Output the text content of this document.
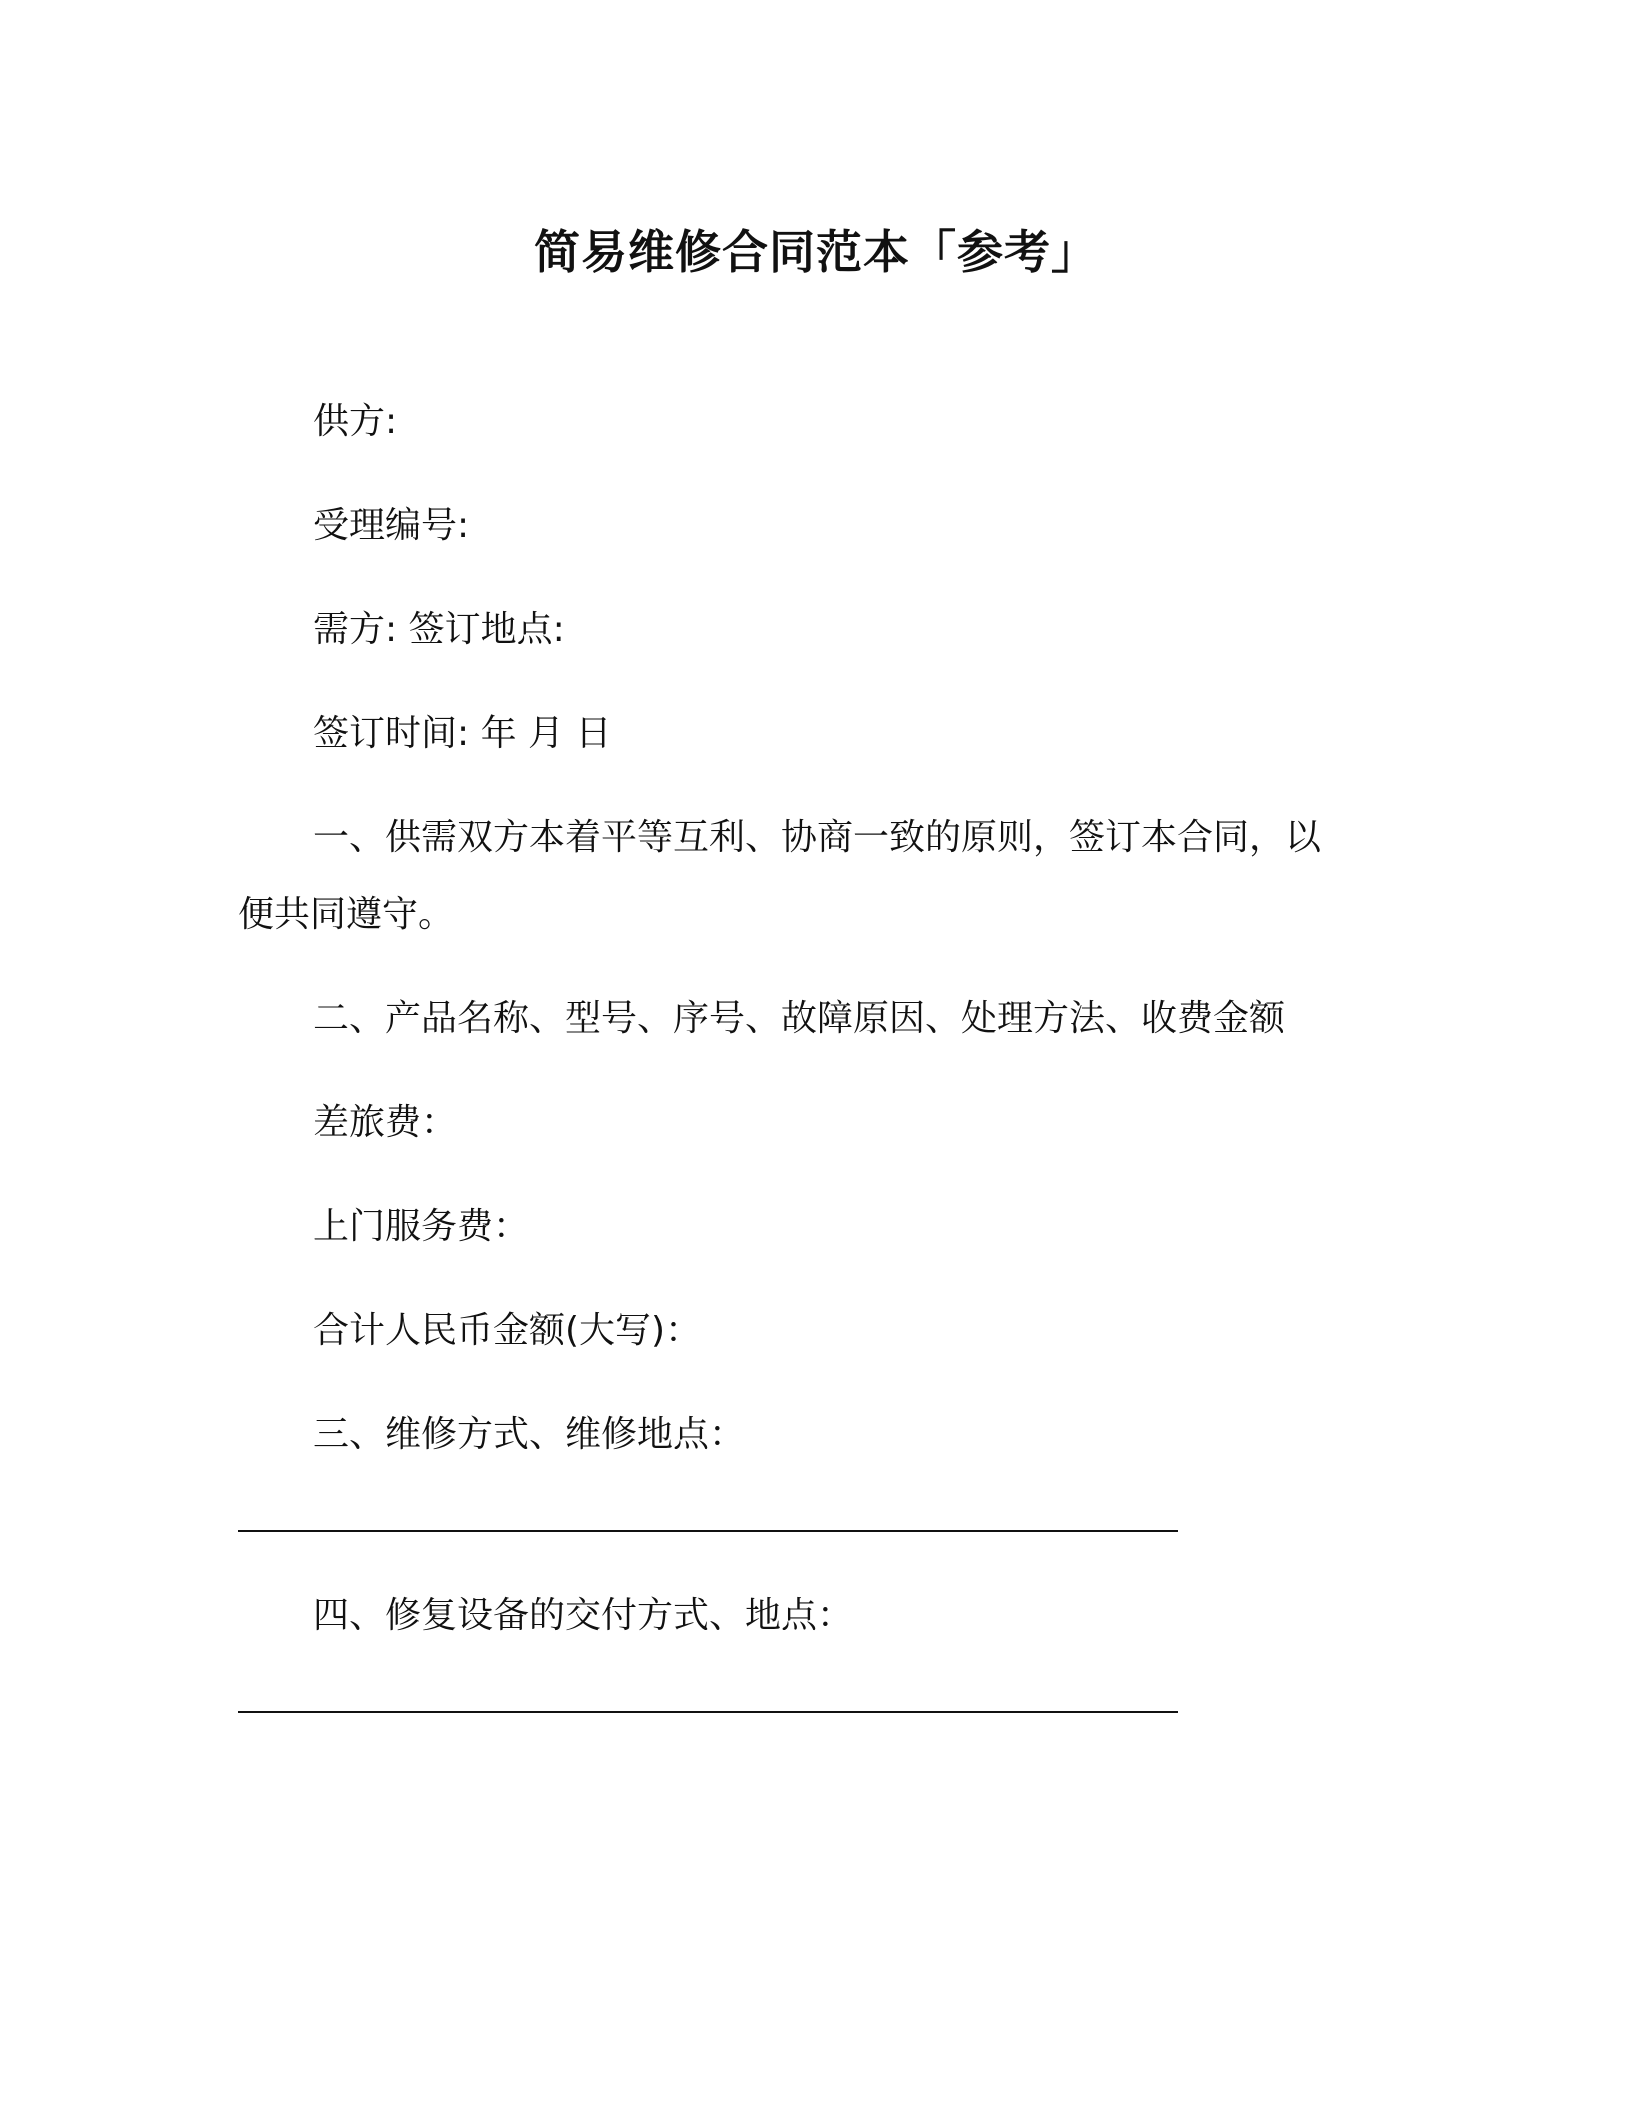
简易维修合同范本「参考」
供方:
受理编号:
需方: 签订地点:
签订时间: 年 月 日
一、供需双方本着平等互利、协商一致的原则，签订本合同，以
便共同遵守。
二、产品名称、型号、序号、故障原因、处理方法、收费金额
差旅费：
上门服务费：
合计人民币金额(大写)：
三、维修方式、维修地点：
四、修复设备的交付方式、地点：
